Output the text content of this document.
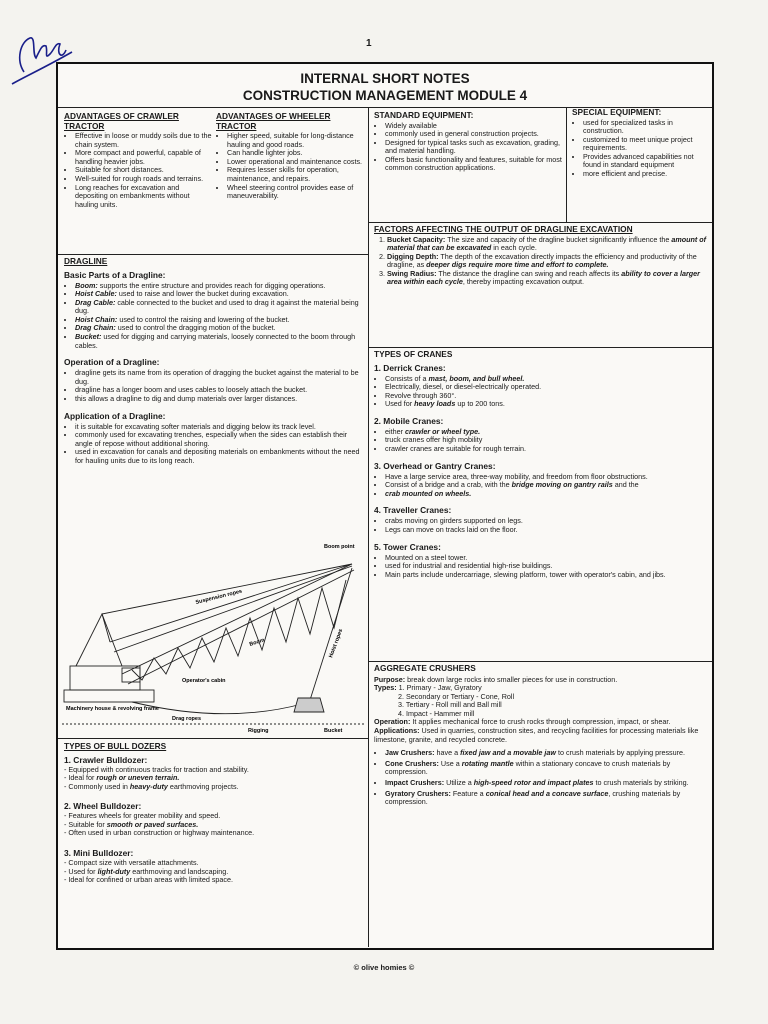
1
INTERNAL SHORT NOTES
CONSTRUCTION MANAGEMENT MODULE 4
ADVANTAGES OF CRAWLER TRACTOR
• Effective in loose or muddy soils due to the chain system.
• More compact and powerful, capable of handling heavier jobs.
• Suitable for short distances.
• Well-suited for rough roads and terrains.
• Long reaches for excavation and depositing on embankments without hauling units.
ADVANTAGES OF WHEELER TRACTOR
• Higher speed, suitable for long-distance hauling and good roads.
• Can handle lighter jobs.
• Lower operational and maintenance costs.
• Requires lesser skills for operation, maintenance, and repairs.
• Wheel steering control provides ease of maneuverability.
STANDARD EQUIPMENT:
• Widely available
• commonly used in general construction projects.
• Designed for typical tasks such as excavation, grading, and material handling.
• Offers basic functionality and features, suitable for most common construction applications.
SPECIAL EQUIPMENT:
• used for specialized tasks in construction.
• customized to meet unique project requirements.
• Provides advanced capabilities not found in standard equipment
• more efficient and precise.
DRAGLINE
Basic Parts of a Dragline:
• Boom: supports the entire structure and provides reach for digging operations.
• Hoist Cable: used to raise and lower the bucket during excavation.
• Drag Cable: cable connected to the bucket and used to drag it against the material being dug.
• Hoist Chain: used to control the raising and lowering of the bucket.
• Drag Chain: used to control the dragging motion of the bucket.
• Bucket: used for digging and carrying materials, loosely connected to the boom through cables.
Operation of a Dragline:
• dragline gets its name from its operation of dragging the bucket against the material to be dug.
• dragline has a longer boom and uses cables to loosely attach the bucket.
• this allows a dragline to dig and dump materials over larger distances.
Application of a Dragline:
• it is suitable for excavating softer materials and digging below its track level.
• commonly used for excavating trenches, especially when the sides can establish their angle of repose without additional shoring.
• used in excavation for canals and depositing materials on embankments without the need for hauling units due to its long reach.
Boom point
Suspension ropes
Boom	Hoist ropes
Machinery house & revolving frame
Operator's cabin
Drag ropes
Rigging	Bucket
FACTORS AFFECTING THE OUTPUT OF DRAGLINE EXCAVATION
1. Bucket Capacity: The size and capacity of the dragline bucket significantly influence the amount of material that can be excavated in each cycle.
2. Digging Depth: The depth of the excavation directly impacts the efficiency and productivity of the dragline, as deeper digs require more time and effort to complete.
3. Swing Radius: The distance the dragline can swing and reach affects its ability to cover a larger area within each cycle, thereby impacting excavation output.
TYPES OF CRANES
1. Derrick Cranes:
• Consists of a mast, boom, and bull wheel.
• Electrically, diesel, or diesel-electrically operated.
• Revolve through 360°.
• Used for heavy loads up to 200 tons.
2. Mobile Cranes:
• either crawler or wheel type.
• truck cranes offer high mobility
• crawler cranes are suitable for rough terrain.
3. Overhead or Gantry Cranes:
• Have a large service area, three-way mobility, and freedom from floor obstructions.
• Consist of a bridge and a crab, with the bridge moving on gantry rails and the
• crab mounted on wheels.
4. Traveller Cranes:
• crabs moving on girders supported on legs.
• Legs can move on tracks laid on the floor.
5. Tower Cranes:
• Mounted on a steel tower.
• used for industrial and residential high-rise buildings.
• Main parts include undercarriage, slewing platform, tower with operator's cabin, and jibs.
AGGREGATE CRUSHERS
Purpose: break down large rocks into smaller pieces for use in construction.
Types: 1. Primary - Jaw, Gyratory
2. Secondary or Tertiary - Cone, Roll
3. Tertiary - Roll mill and Ball mill
4. Impact - Hammer mill
Operation: It applies mechanical force to crush rocks through compression, impact, or shear.
Applications: Used in quarries, construction sites, and recycling facilities for processing materials like limestone, granite, and recycled concrete.
• Jaw Crushers: have a fixed jaw and a movable jaw to crush materials by applying pressure.
• Cone Crushers: Use a rotating mantle within a stationary concave to crush materials by compression.
• Impact Crushers: Utilize a high-speed rotor and impact plates to crush materials by striking.
• Gyratory Crushers: Feature a conical head and a concave surface, crushing materials by compression.
TYPES OF BULL DOZERS
1. Crawler Bulldozer:
- Equipped with continuous tracks for traction and stability.
- Ideal for rough or uneven terrain.
- Commonly used in heavy-duty earthmoving projects.
2. Wheel Bulldozer:
- Features wheels for greater mobility and speed.
- Suitable for smooth or paved surfaces.
- Often used in urban construction or highway maintenance.
3. Mini Bulldozer:
- Compact size with versatile attachments.
- Used for light-duty earthmoving and landscaping.
- Ideal for confined or urban areas with limited space.
© olive homies ©
